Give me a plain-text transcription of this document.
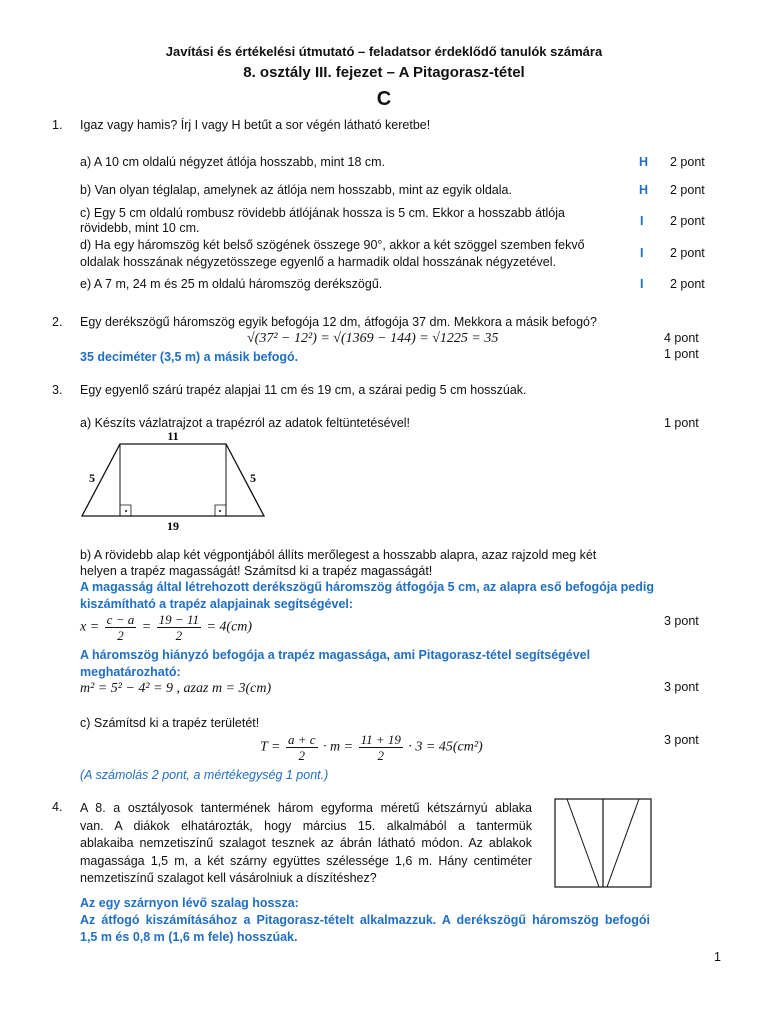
Javítási és értékelési útmutató – feladatsor érdeklődő tanulók számára
8. osztály III. fejezet – A Pitagorasz-tétel
C
1. Igaz vagy hamis? Írj I vagy H betűt a sor végén látható keretbe!
a) A 10 cm oldalú négyzet átlója hosszabb, mint 18 cm.	H 2 pont
b) Van olyan téglalap, amelynek az átlója nem hosszabb, mint az egyik oldala.	H 2 pont
c) Egy 5 cm oldalú rombusz rövidebb átlójának hossza is 5 cm. Ekkor a hosszabb átlója
rövidebb, mint 10 cm.	I 2 pont
d) Ha egy háromszög két belső szögének összege 90°, akkor a két szöggel szemben fekvő
oldalak hosszának négyzetösszege egyenlő a harmadik oldal hosszának négyzetével.
I 2 pont
e) A 7 m, 24 m és 25 m oldalú háromszög derékszögű.	I 2 pont
2. Egy derékszögű háromszög egyik befogója 12 dm, átfogója 37 dm. Mekkora a másik befogó?
√(37² − 12²) = √(1369 − 144) = √1225 = 35
35 deciméter (3,5 m) a másik befogó.
4 pont
1 pont
3. Egy egyenlő szárú trapéz alapjai 11 cm és 19 cm, a szárai pedig 5 cm hosszúak.
a) Készíts vázlatrajzot a trapézról az adatok feltüntetésével!	1 pont
11
19
5	5
b) A rövidebb alap két végpontjából állíts merőlegest a hosszabb alapra, azaz rajzold meg két
helyen a trapéz magasságát! Számítsd ki a trapéz magasságát!
A magasság által létrehozott derékszögű háromszög átfogója 5 cm, az alapra eső befogója pedig
kiszámítható a trapéz alapjainak segítségével:
$x = \frac{c - a}{2} = \frac{19 - 11}{2} = 4(cm)$	3 pont
A háromszög hiányzó befogója a trapéz magassága, ami Pitagorasz-tétel segítségével
meghatározható:
m² = 5² − 4² = 9 , azaz m = 3(cm)	3 pont
c) Számítsd ki a trapéz területét!
$T = \frac{a + c}{2} \cdot m = \frac{11 + 19}{2} \cdot 3 = 45(cm^2)$	3 pont
(A számolás 2 pont, a mértékegység 1 pont.)
4. A 8. a osztályosok tantermének három egyforma méretű kétszárnyú ablaka
van. A diákok elhatározták, hogy március 15. alkalmából a tantermük
ablakaiba nemzetiszínű szalagot tesznek az ábrán látható módon. Az ablakok
magassága 1,5 m, a két szárny együttes szélessége 1,6 m. Hány centiméter
nemzetiszínű szalagot kell vásárolniuk a díszítéshez?
Az egy szárnyon lévő szalag hossza:
Az átfogó kiszámításához a Pitagorasz-tételt alkalmazzuk. A derékszögű háromszög befogói
1,5 m és 0,8 m (1,6 m fele) hosszúak.
1
